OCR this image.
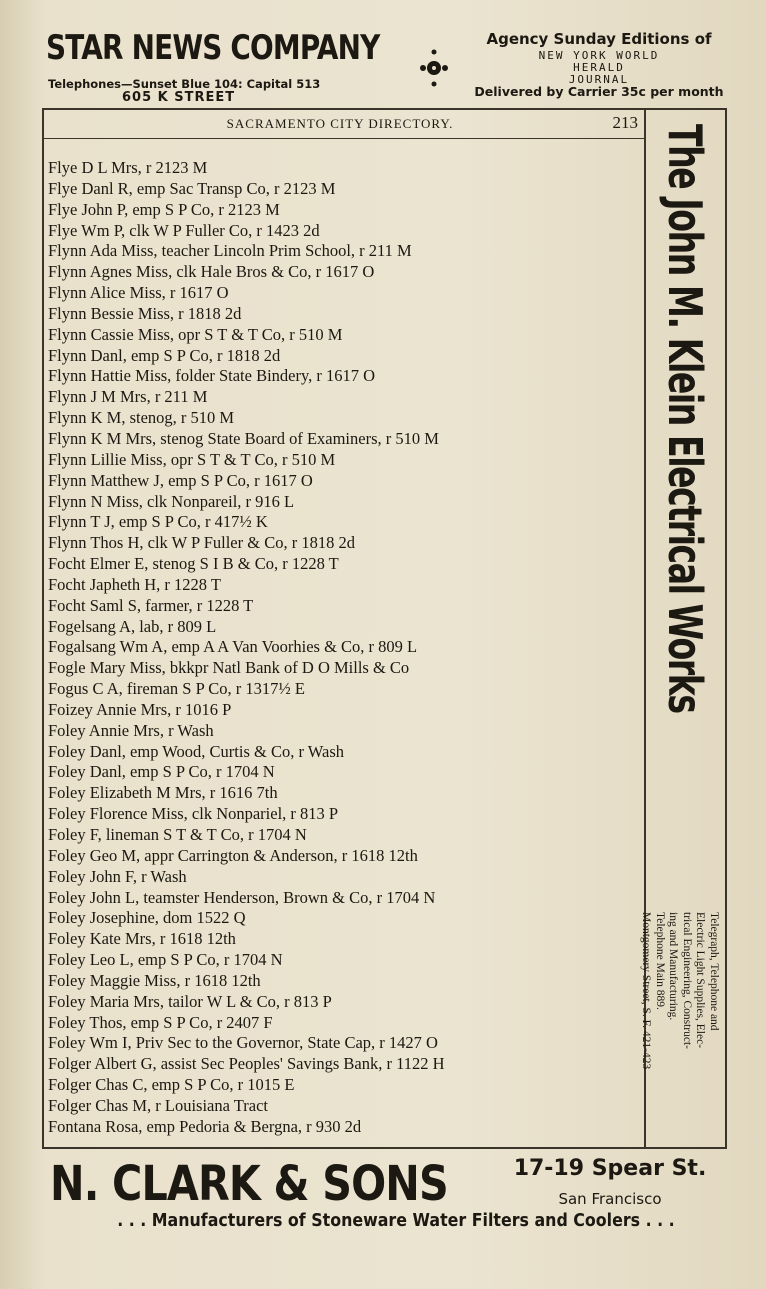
STAR NEWS COMPANY
Telephones—Sunset Blue 104: Capital 513
605 K STREET
Agency Sunday Editions of
NEW YORK WORLD
HERALD
JOURNAL
Delivered by Carrier 35c per month
SACRAMENTO CITY DIRECTORY.	213
Flye D L Mrs, r 2123 M
Flye Danl R, emp Sac Transp Co, r 2123 M
Flye John P, emp S P Co, r 2123 M
Flye Wm P, clk W P Fuller Co, r 1423 2d
Flynn Ada Miss, teacher Lincoln Prim School, r 211 M
Flynn Agnes Miss, clk Hale Bros & Co, r 1617 O
Flynn Alice Miss, r 1617 O
Flynn Bessie Miss, r 1818 2d
Flynn Cassie Miss, opr S T & T Co, r 510 M
Flynn Danl, emp S P Co, r 1818 2d
Flynn Hattie Miss, folder State Bindery, r 1617 O
Flynn J M Mrs, r 211 M
Flynn K M, stenog, r 510 M
Flynn K M Mrs, stenog State Board of Examiners, r 510 M
Flynn Lillie Miss, opr S T & T Co, r 510 M
Flynn Matthew J, emp S P Co, r 1617 O
Flynn N Miss, clk Nonpareil, r 916 L
Flynn T J, emp S P Co, r 417½ K
Flynn Thos H, clk W P Fuller & Co, r 1818 2d
Focht Elmer E, stenog S I B & Co, r 1228 T
Focht Japheth H, r 1228 T
Focht Saml S, farmer, r 1228 T
Fogelsang A, lab, r 809 L
Fogalsang Wm A, emp A A Van Voorhies & Co, r 809 L
Fogle Mary Miss, bkkpr Natl Bank of D O Mills & Co
Fogus C A, fireman S P Co, r 1317½ E
Foizey Annie Mrs, r 1016 P
Foley Annie Mrs, r Wash
Foley Danl, emp Wood, Curtis & Co, r Wash
Foley Danl, emp S P Co, r 1704 N
Foley Elizabeth M Mrs, r 1616 7th
Foley Florence Miss, clk Nonpariel, r 813 P
Foley F, lineman S T & T Co, r 1704 N
Foley Geo M, appr Carrington & Anderson, r 1618 12th
Foley John F, r Wash
Foley John L, teamster Henderson, Brown & Co, r 1704 N
Foley Josephine, dom 1522 Q
Foley Kate Mrs, r 1618 12th
Foley Leo L, emp S P Co, r 1704 N
Foley Maggie Miss, r 1618 12th
Foley Maria Mrs, tailor W L & Co, r 813 P
Foley Thos, emp S P Co, r 2407 F
Foley Wm I, Priv Sec to the Governor, State Cap, r 1427 O
Folger Albert G, assist Sec Peoples' Savings Bank, r 1122 H
Folger Chas C, emp S P Co, r 1015 E
Folger Chas M, r Louisiana Tract
Fontana Rosa, emp Pedoria & Bergna, r 930 2d
The John M. Klein Electrical Works
Telegraph, Telephone and
Electric Light Supplies, Elec-
trical Engineering, Construct-
ing and Manufacturing.
Telephone Main 889.
Montgomery Street, S. F. 421-423
N. CLARK & SONS	17-19 Spear St.
San Francisco
. . . Manufacturers of Stoneware Water Filters and Coolers . . .
